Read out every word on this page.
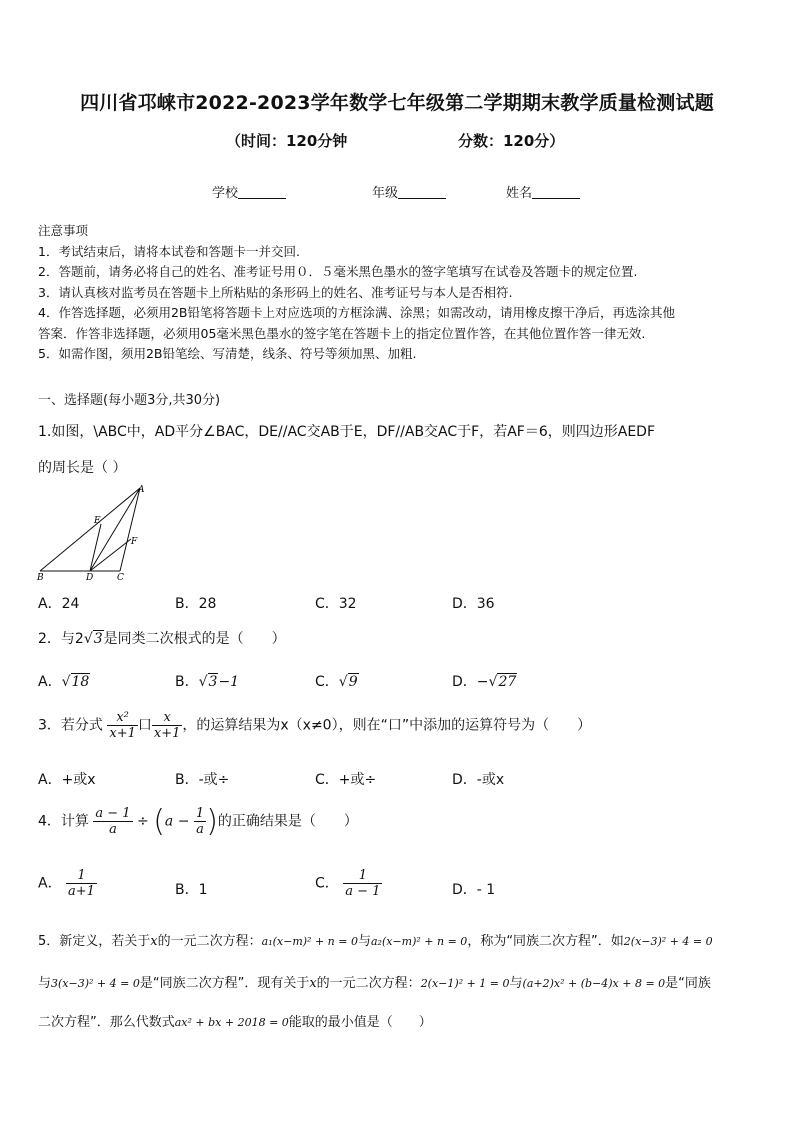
四川省邛崃市2022-2023学年数学七年级第二学期期末教学质量检测试题
（时间：120分钟	分数：120分）
学校	年级	姓名

注意事项

1．考试结束后，请将本试卷和答题卡一并交回.

2．答题前，请务必将自己的姓名、准考证号用０．５毫米黑色墨水的签字笔填写在试卷及答题卡的规定位置.

3．请认真核对监考员在答题卡上所粘贴的条形码上的姓名、准考证号与本人是否相符.

4．作答选择题，必须用2B铅笔将答题卡上对应选项的方框涂满、涂黑；如需改动，请用橡皮擦干净后，再选涂其他

答案．作答非选择题，必须用05毫米黑色墨水的签字笔在答题卡上的指定位置作答，在其他位置作答一律无效.

5．如需作图，须用2B铅笔绘、写清楚，线条、符号等须加黑、加粗.

一、选择题(每小题3分,共30分)
1.如图，\ABC中，AD平分∠BAC，DE//AC交AB于E，DF//AB交AC于F，若AF＝6，则四边形AEDF
的周长是（ ）
A
E
F
B	D	C
A．24	B．28	C．32	D．36
2．与2√3是同类二次根式的是（　　）
A．√18	B．√3−1	C．√9	D．−√27
3．若分式 $\frac{\text{x²}}{x+1}$ 口 $\frac{x}{x+1}$ ，的运算结果为x（x≠0），则在“口”中添加的运算符号为（　　）
A．+或x	B．-或÷	C．+或÷	D．-或x
4．计算 $\frac{a - 1}{a} \div (a - \frac{1}{a}$ )的正确结果是（　　）
A． $\frac{1}{a+1}$	B．1	C． $\frac{1}{a - 1}$	D．- 1
5．新定义，若关于x的一元二次方程：a₁(x−m)² + n = 0与a₂(x−m)² + n = 0，称为“同族二次方程”．如2(x−3)² + 4 = 0
与3(x−3)² + 4 = 0是“同族二次方程”．现有关于x的一元二次方程：2(x−1)² + 1 = 0与(a+2)x² + (b−4)x + 8 = 0是“同族
二次方程”．那么代数式ax² + bx + 2018 = 0能取的最小值是（　　）
